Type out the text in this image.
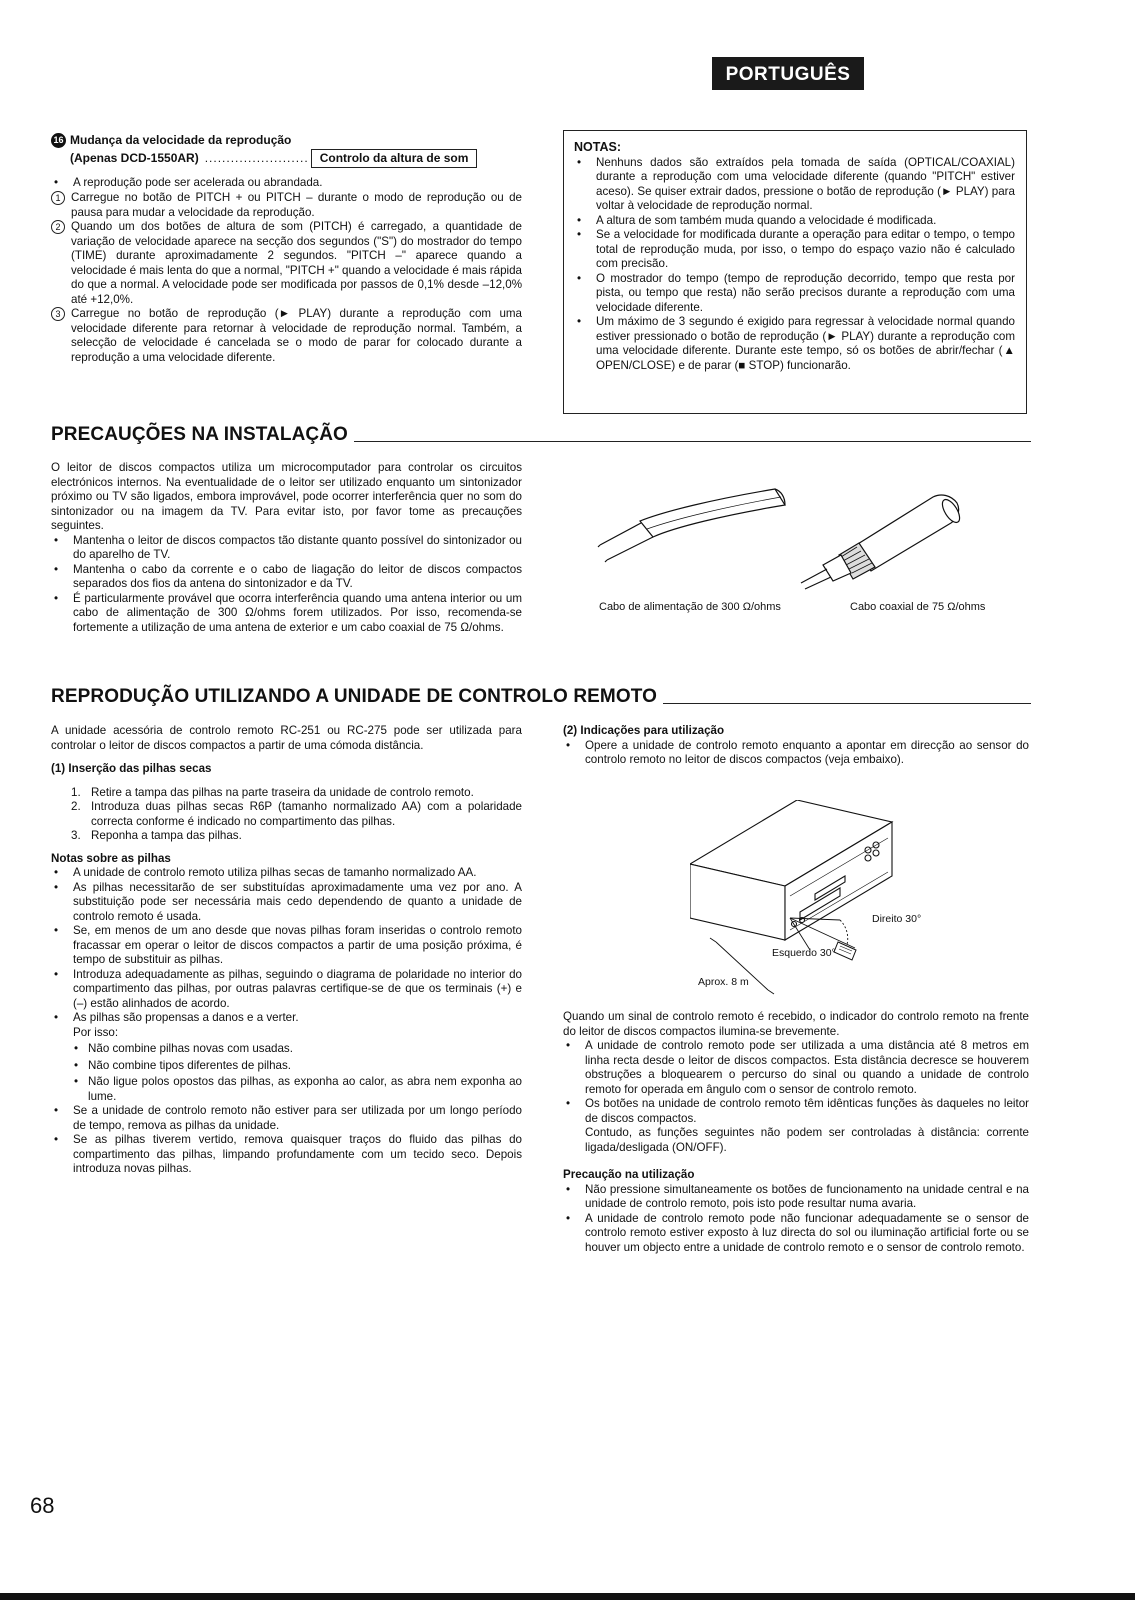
PORTUGUÊS
16 Mudança da velocidade da reprodução
(Apenas DCD-1550AR) ........................ Controlo da altura de som
• A reprodução pode ser acelerada ou abrandada.
1 Carregue no botão de PITCH + ou PITCH – durante o modo de reprodução ou de pausa para mudar a velocidade da reprodução.
2 Quando um dos botões de altura de som (PITCH) é carregado, a quantidade de variação de velocidade aparece na secção dos segundos ("S") do mostrador do tempo (TIME) durante aproximadamente 2 segundos. "PITCH –" aparece quando a velocidade é mais lenta do que a normal, "PITCH +" quando a velocidade é mais rápida do que a normal. A velocidade pode ser modificada por passos de 0,1% desde –12,0% até +12,0%.
3 Carregue no botão de reprodução (► PLAY) durante a reprodução com uma velocidade diferente para retornar à velocidade de reprodução normal. Também, a selecção de velocidade é cancelada se o modo de parar for colocado durante a reprodução a uma velocidade diferente.
NOTAS:
• Nenhuns dados são extraídos pela tomada de saída (OPTICAL/COAXIAL) durante a reprodução com uma velocidade diferente (quando "PITCH" estiver aceso). Se quiser extrair dados, pressione o botão de reprodução (► PLAY) para voltar à velocidade de reprodução normal.
• A altura de som também muda quando a velocidade é modificada.
• Se a velocidade for modificada durante a operação para editar o tempo, o tempo total de reprodução muda, por isso, o tempo do espaço vazio não é calculado com precisão.
• O mostrador do tempo (tempo de reprodução decorrido, tempo que resta por pista, ou tempo que resta) não serão precisos durante a reprodução com uma velocidade diferente.
• Um máximo de 3 segundo é exigido para regressar à velocidade normal quando estiver pressionado o botão de reprodução (► PLAY) durante a reprodução com uma velocidade diferente. Durante este tempo, só os botões de abrir/fechar (▲ OPEN/CLOSE) e de parar (■ STOP) funcionarão.
PRECAUÇÕES NA INSTALAÇÃO
O leitor de discos compactos utiliza um microcomputador para controlar os circuitos electrónicos internos. Na eventualidade de o leitor ser utilizado enquanto um sintonizador próximo ou TV são ligados, embora improvável, pode ocorrer interferência quer no som do sintonizador ou na imagem da TV. Para evitar isto, por favor tome as precauções seguintes.
• Mantenha o leitor de discos compactos tão distante quanto possível do sintonizador ou do aparelho de TV.
• Mantenha o cabo da corrente e o cabo de liagação do leitor de discos compactos separados dos fios da antena do sintonizador e da TV.
• É particularmente provável que ocorra interferência quando uma antena interior ou um cabo de alimentação de 300 Ω/ohms forem utilizados. Por isso, recomenda-se fortemente a utilização de uma antena de exterior e um cabo coaxial de 75 Ω/ohms.
Cabo de alimentação de 300 Ω/ohms	Cabo coaxial de 75 Ω/ohms
REPRODUÇÃO UTILIZANDO A UNIDADE DE CONTROLO REMOTO
A unidade acessória de controlo remoto RC-251 ou RC-275 pode ser utilizada para controlar o leitor de discos compactos a partir de uma cómoda distância.
(1) Inserção das pilhas secas
1. Retire a tampa das pilhas na parte traseira da unidade de controlo remoto.
2. Introduza duas pilhas secas R6P (tamanho normalizado AA) com a polaridade correcta conforme é indicado no compartimento das pilhas.
3. Reponha a tampa das pilhas.
Notas sobre as pilhas
• A unidade de controlo remoto utiliza pilhas secas de tamanho normalizado AA.
• As pilhas necessitarão de ser substituídas aproximadamente uma vez por ano. A substituição pode ser necessária mais cedo dependendo de quanto a unidade de controlo remoto é usada.
• Se, em menos de um ano desde que novas pilhas foram inseridas o controlo remoto fracassar em operar o leitor de discos compactos a partir de uma posição próxima, é tempo de substituir as pilhas.
• Introduza adequadamente as pilhas, seguindo o diagrama de polaridade no interior do compartimento das pilhas, por outras palavras certifique-se de que os terminais (+) e (–) estão alinhados de acordo.
• As pilhas são propensas a danos e a verter.
Por isso:
• Não combine pilhas novas com usadas.
• Não combine tipos diferentes de pilhas.
• Não ligue polos opostos das pilhas, as exponha ao calor, as abra nem exponha ao lume.
• Se a unidade de controlo remoto não estiver para ser utilizada por um longo período de tempo, remova as pilhas da unidade.
• Se as pilhas tiverem vertido, remova quaisquer traços do fluido das pilhas do compartimento das pilhas, limpando profundamente com um tecido seco. Depois introduza novas pilhas.
(2) Indicações para utilização
• Opere a unidade de controlo remoto enquanto a apontar em direcção ao sensor do controlo remoto no leitor de discos compactos (veja embaixo).
Direito 30°
Esquerdo 30°
Aprox. 8 m
Quando um sinal de controlo remoto é recebido, o indicador do controlo remoto na frente do leitor de discos compactos ilumina-se brevemente.
• A unidade de controlo remoto pode ser utilizada a uma distância até 8 metros em linha recta desde o leitor de discos compactos. Esta distância decresce se houverem obstruções a bloquearem o percurso do sinal ou quando a unidade de controlo remoto for operada em ângulo com o sensor de controlo remoto.
• Os botões na unidade de controlo remoto têm idênticas funções às daqueles no leitor de discos compactos.
Contudo, as funções seguintes não podem ser controladas à distância: corrente ligada/desligada (ON/OFF).
Precaução na utilização
• Não pressione simultaneamente os botões de funcionamento na unidade central e na unidade de controlo remoto, pois isto pode resultar numa avaria.
• A unidade de controlo remoto pode não funcionar adequadamente se o sensor de controlo remoto estiver exposto à luz directa do sol ou iluminação artificial forte ou se houver um objecto entre a unidade de controlo remoto e o sensor de controlo remoto.
68
